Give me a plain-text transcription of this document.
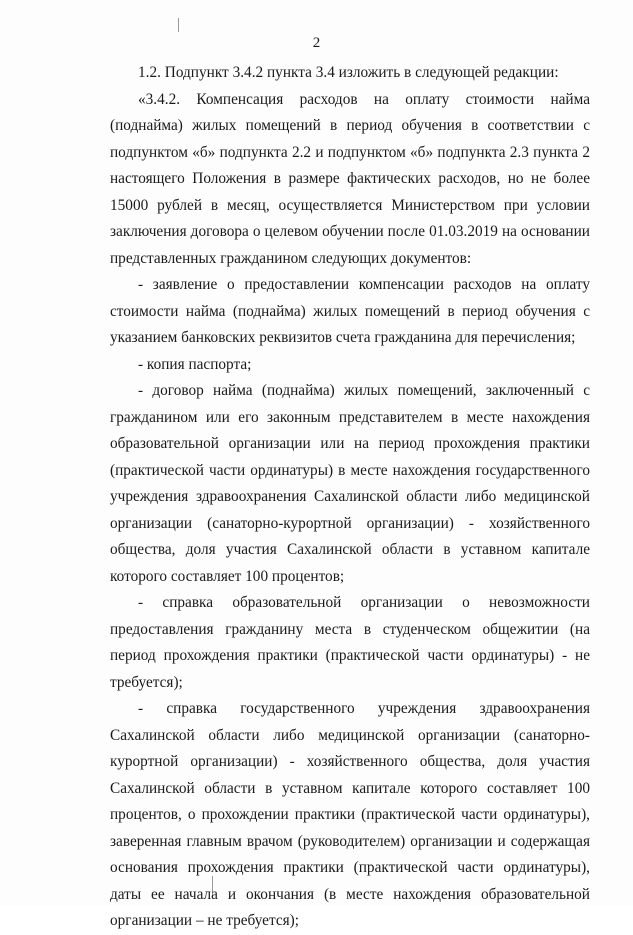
2

1.2. Подпункт 3.4.2 пункта 3.4 изложить в следующей редакции:

«3.4.2. Компенсация расходов на оплату стоимости найма (поднайма) жилых помещений в период обучения в соответствии с подпунктом «б» подпункта 2.2 и подпунктом «б» подпункта 2.3 пункта 2 настоящего Положения в размере фактических расходов, но не более 15000 рублей в месяц, осуществляется Министерством при условии заключения договора о целевом обучении после 01.03.2019 на основании представленных гражданином следующих документов:

- заявление о предоставлении компенсации расходов на оплату стоимости найма (поднайма) жилых помещений в период обучения с указанием банковских реквизитов счета гражданина для перечисления;

- копия паспорта;

- договор найма (поднайма) жилых помещений, заключенный с гражданином или его законным представителем в месте нахождения образовательной организации или на период прохождения практики (практической части ординатуры) в месте нахождения государственного учреждения здравоохранения Сахалинской области либо медицинской организации (санаторно-курортной организации) - хозяйственного общества, доля участия Сахалинской области в уставном капитале которого составляет 100 процентов;

- справка образовательной организации о невозможности предоставления гражданину места в студенческом общежитии (на период прохождения практики (практической части ординатуры) - не требуется);

- справка государственного учреждения здравоохранения Сахалинской области либо медицинской организации (санаторно-курортной организации) - хозяйственного общества, доля участия Сахалинской области в уставном капитале которого составляет 100 процентов, о прохождении практики (практической части ординатуры), заверенная главным врачом (руководителем) организации и содержащая основания прохождения практики (практической части ординатуры), даты ее начала и окончания (в месте нахождения образовательной организации – не требуется);
